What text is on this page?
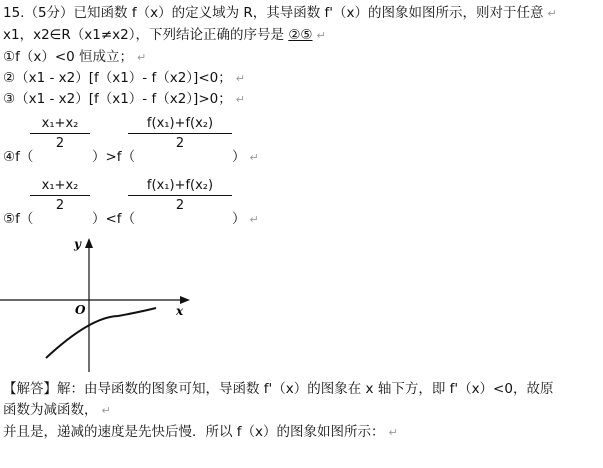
15.（5分）已知函数 f（x）的定义域为 R，其导函数 f'（x）的图象如图所示，则对于任意 ↵
x1，x2∈R（x1≠x2），下列结论正确的序号是 ②⑤ ↵
①f（x）<0 恒成立； ↵
②（x1 - x2）[f（x1）- f（x2）]<0； ↵
③（x1 - x2）[f（x1）- f（x2）]>0； ↵
x₁+x₂
2
f(x₁)+f(x₂)
2
④f（	）>f（	） ↵
x₁+x₂
2
f(x₁)+f(x₂)
2
⑤f（	）<f（	） ↵
y
x
O
【解答】解：由导函数的图象可知，导函数 f'（x）的图象在 x 轴下方，即 f'（x）<0，故原
函数为减函数， ↵
并且是，递减的速度是先快后慢．所以 f（x）的图象如图所示： ↵
